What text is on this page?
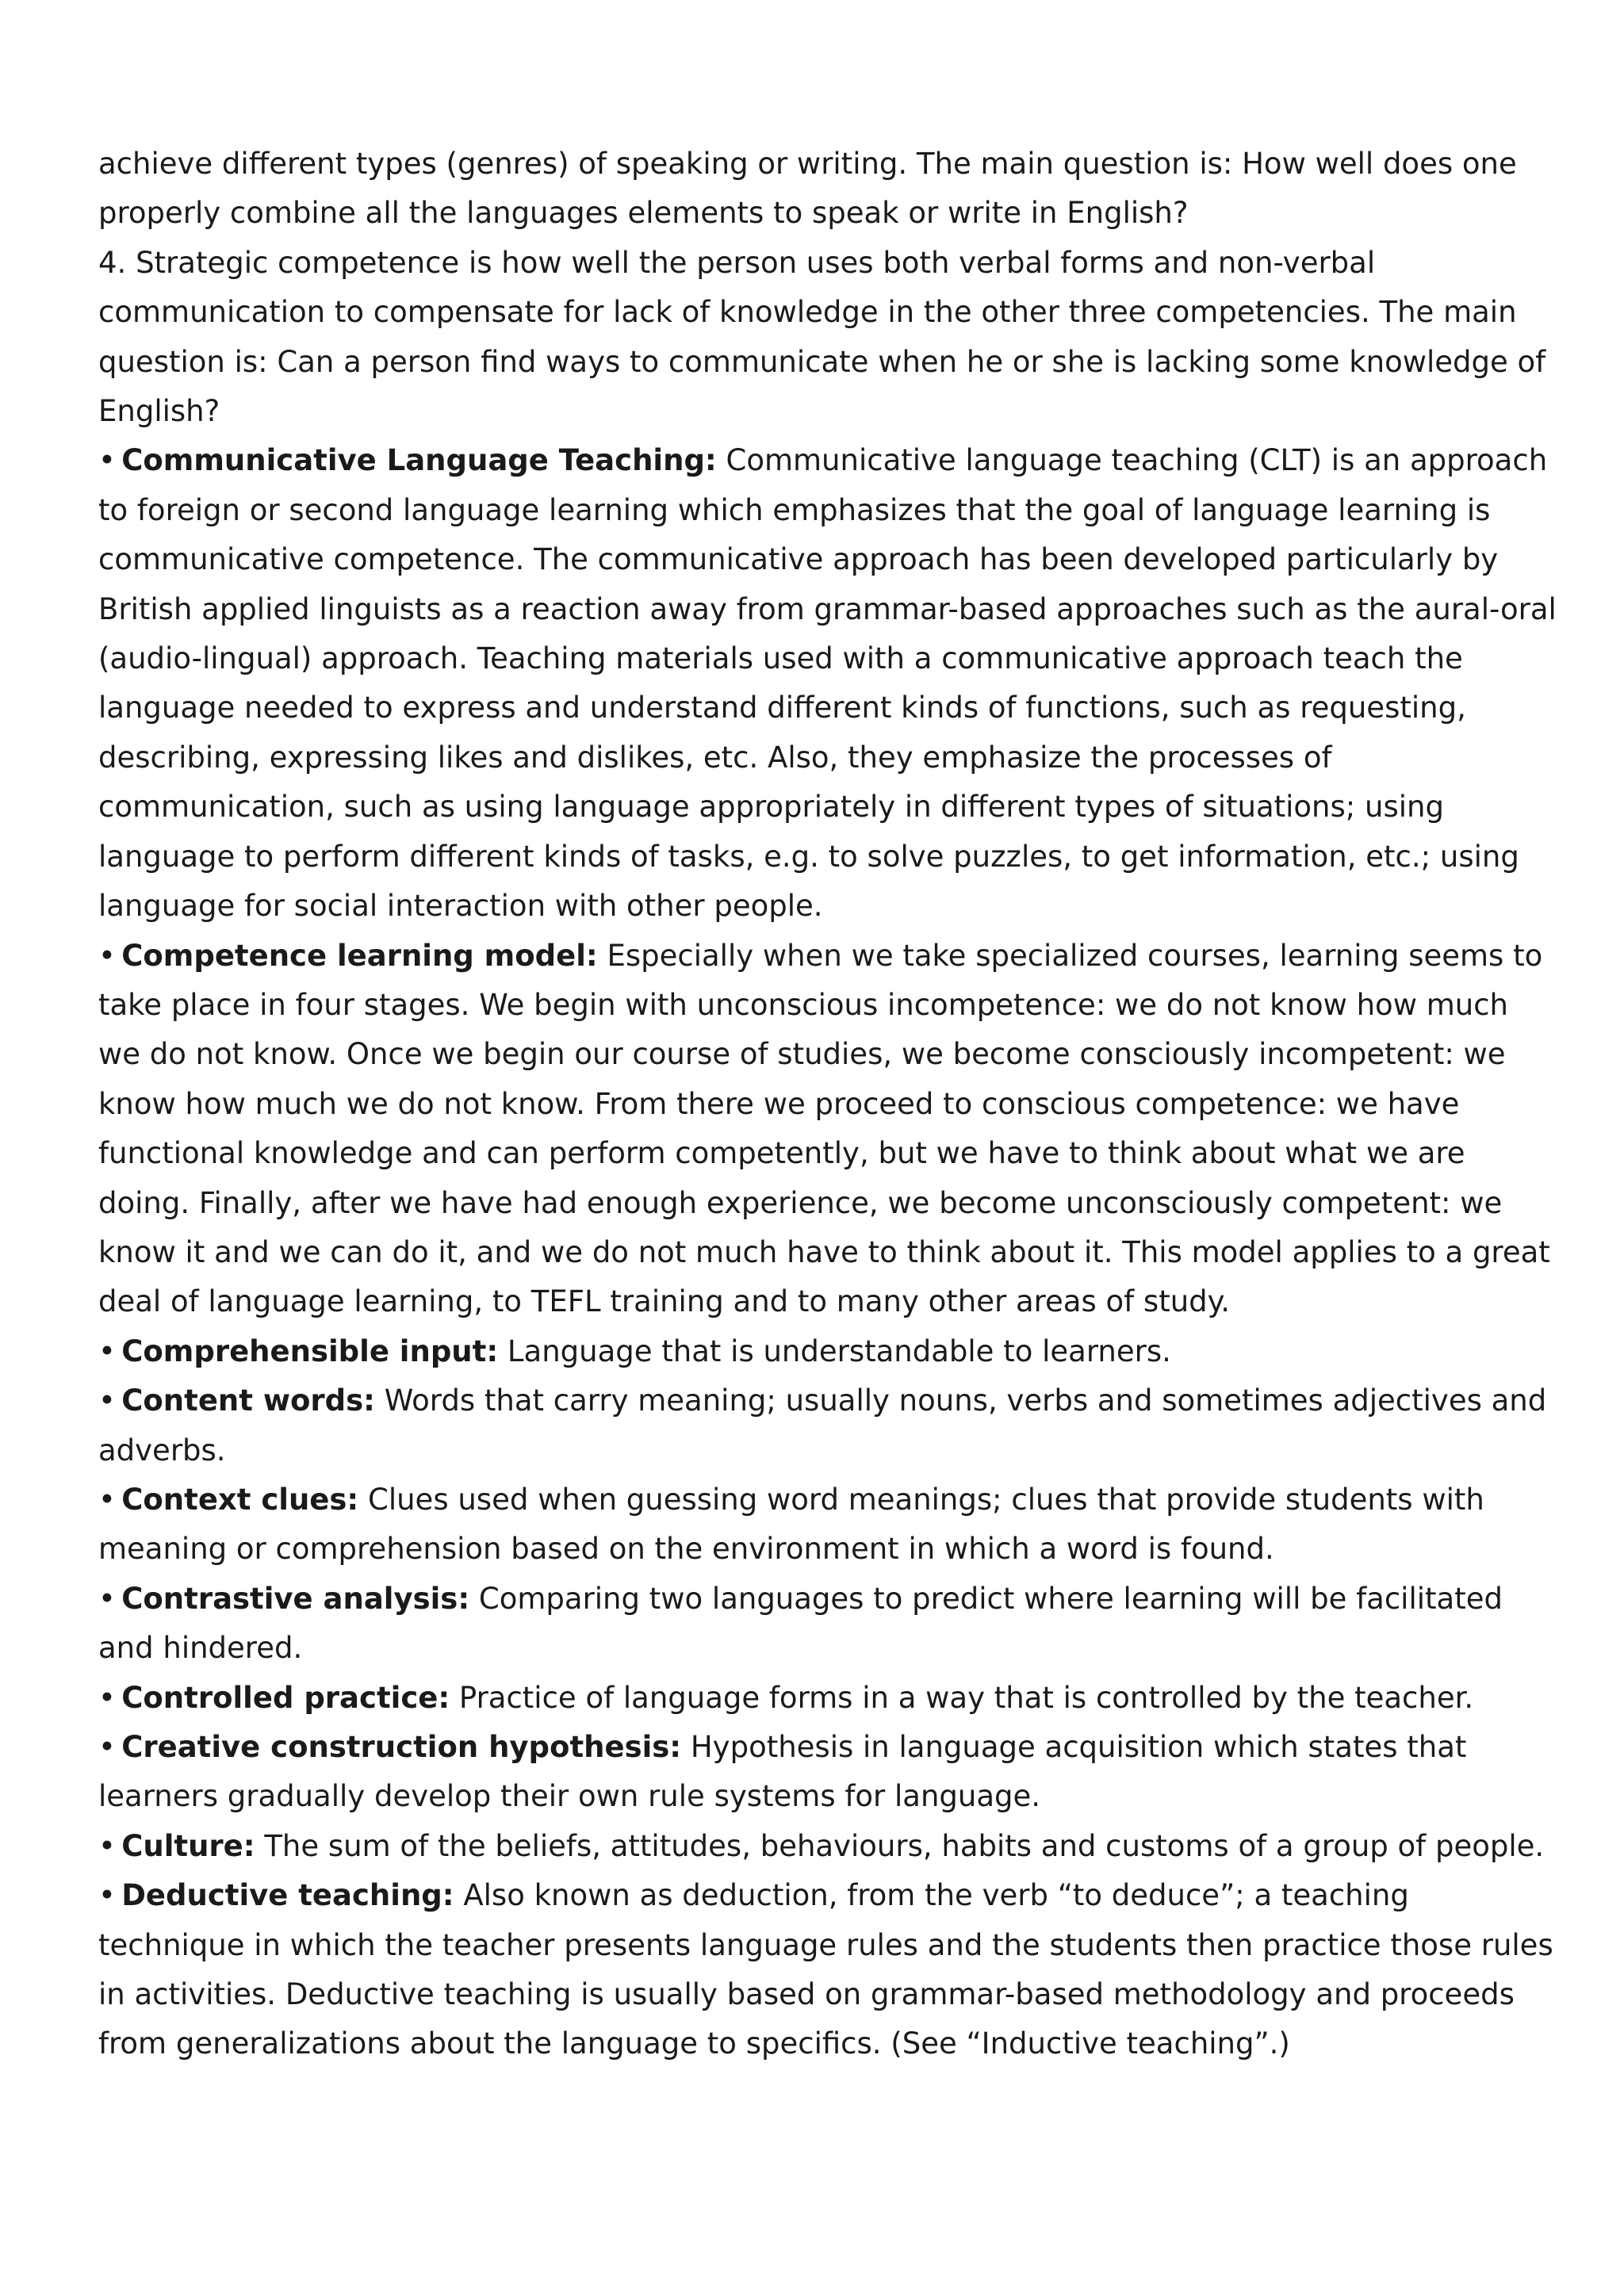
achieve different types (genres) of speaking or writing. The main question is: How well does one properly combine all the languages elements to speak or write in English?

4. Strategic competence is how well the person uses both verbal forms and non-verbal communication to compensate for lack of knowledge in the other three competencies. The main question is: Can a person find ways to communicate when he or she is lacking some knowledge of English?

• Communicative Language Teaching: Communicative language teaching (CLT) is an approach to foreign or second language learning which emphasizes that the goal of language learning is communicative competence. The communicative approach has been developed particularly by British applied linguists as a reaction away from grammar-based approaches such as the aural-oral (audio-lingual) approach. Teaching materials used with a communicative approach teach the language needed to express and understand different kinds of functions, such as requesting, describing, expressing likes and dislikes, etc. Also, they emphasize the processes of communication, such as using language appropriately in different types of situations; using language to perform different kinds of tasks, e.g. to solve puzzles, to get information, etc.; using language for social interaction with other people.

• Competence learning model: Especially when we take specialized courses, learning seems to take place in four stages. We begin with unconscious incompetence: we do not know how much we do not know. Once we begin our course of studies, we become consciously incompetent: we know how much we do not know. From there we proceed to conscious competence: we have functional knowledge and can perform competently, but we have to think about what we are doing. Finally, after we have had enough experience, we become unconsciously competent: we know it and we can do it, and we do not much have to think about it. This model applies to a great deal of language learning, to TEFL training and to many other areas of study.

• Comprehensible input: Language that is understandable to learners.

• Content words: Words that carry meaning; usually nouns, verbs and sometimes adjectives and adverbs.

• Context clues: Clues used when guessing word meanings; clues that provide students with meaning or comprehension based on the environment in which a word is found.

• Contrastive analysis: Comparing two languages to predict where learning will be facilitated and hindered.

• Controlled practice: Practice of language forms in a way that is controlled by the teacher.

• Creative construction hypothesis: Hypothesis in language acquisition which states that learners gradually develop their own rule systems for language.

• Culture: The sum of the beliefs, attitudes, behaviours, habits and customs of a group of people.

• Deductive teaching: Also known as deduction, from the verb “to deduce”; a teaching technique in which the teacher presents language rules and the students then practice those rules in activities. Deductive teaching is usually based on grammar-based methodology and proceeds from generalizations about the language to specifics. (See “Inductive teaching”.)
